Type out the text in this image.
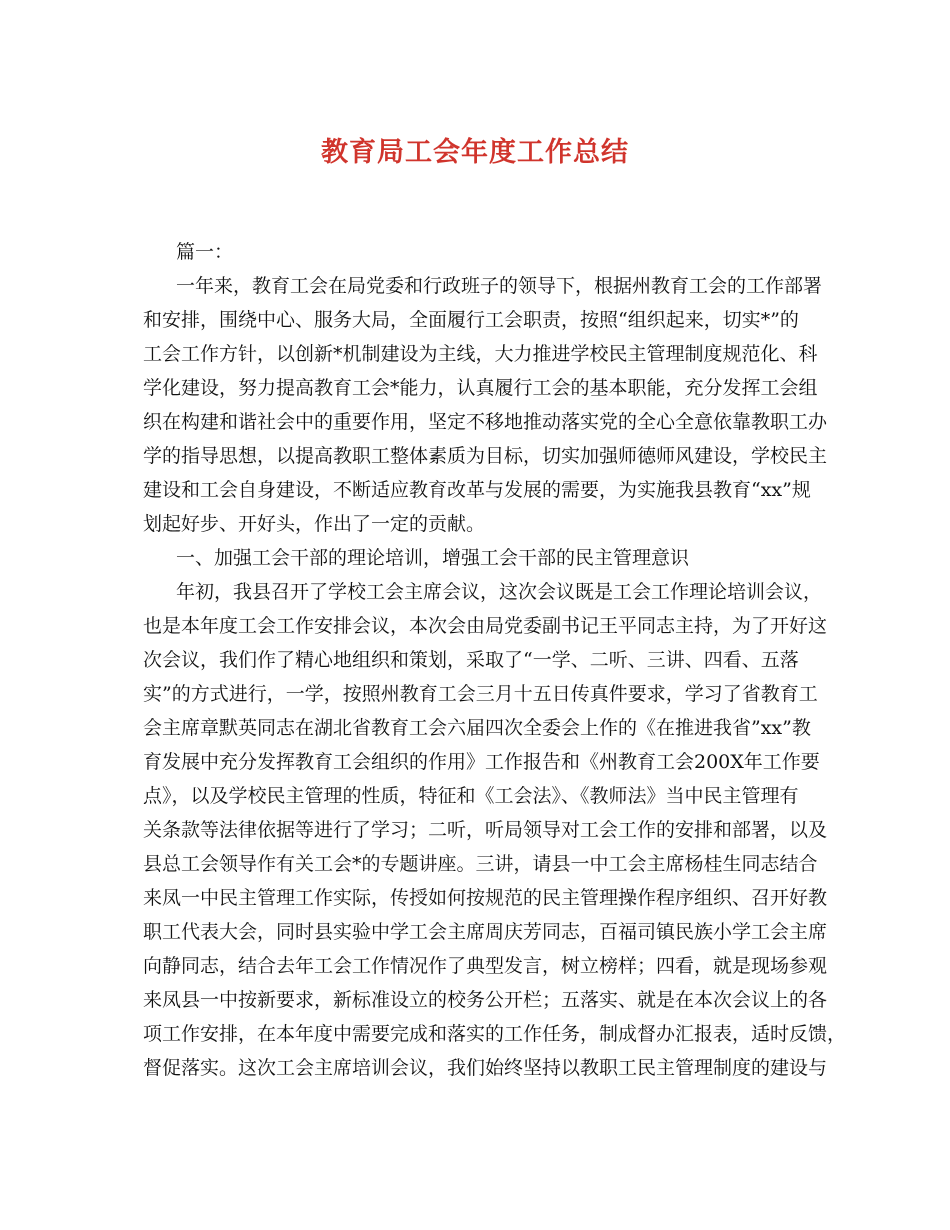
教育局工会年度工作总结
篇一：
一年来，教育工会在局党委和行政班子的领导下，根据州教育工会的工作部署
和安排，围绕中心、服务大局，全面履行工会职责，按照“组织起来，切实*”的
工会工作方针，以创新*机制建设为主线，大力推进学校民主管理制度规范化、科
学化建设，努力提高教育工会*能力，认真履行工会的基本职能，充分发挥工会组
织在构建和谐社会中的重要作用，坚定不移地推动落实党的全心全意依靠教职工办
学的指导思想，以提高教职工整体素质为目标，切实加强师德师风建设，学校民主
建设和工会自身建设，不断适应教育改革与发展的需要，为实施我县教育“xx”规
划起好步、开好头，作出了一定的贡献。
一、加强工会干部的理论培训，增强工会干部的民主管理意识
年初，我县召开了学校工会主席会议，这次会议既是工会工作理论培训会议，
也是本年度工会工作安排会议，本次会由局党委副书记王平同志主持，为了开好这
次会议，我们作了精心地组织和策划，采取了“一学、二听、三讲、四看、五落
实”的方式进行，一学，按照州教育工会三月十五日传真件要求，学习了省教育工
会主席章默英同志在湖北省教育工会六届四次全委会上作的《在推进我省”xx”教
育发展中充分发挥教育工会组织的作用》工作报告和《州教育工会200X年工作要
点》，以及学校民主管理的性质，特征和《工会法》、《教师法》当中民主管理有
关条款等法律依据等进行了学习；二听，听局领导对工会工作的安排和部署，以及
县总工会领导作有关工会*的专题讲座。三讲，请县一中工会主席杨桂生同志结合
来凤一中民主管理工作实际，传授如何按规范的民主管理操作程序组织、召开好教
职工代表大会，同时县实验中学工会主席周庆芳同志，百福司镇民族小学工会主席
向静同志，结合去年工会工作情况作了典型发言，树立榜样；四看，就是现场参观
来凤县一中按新要求，新标准设立的校务公开栏；五落实、就是在本次会议上的各
项工作安排，在本年度中需要完成和落实的工作任务，制成督办汇报表，适时反馈，
督促落实。这次工会主席培训会议，我们始终坚持以教职工民主管理制度的建设与
